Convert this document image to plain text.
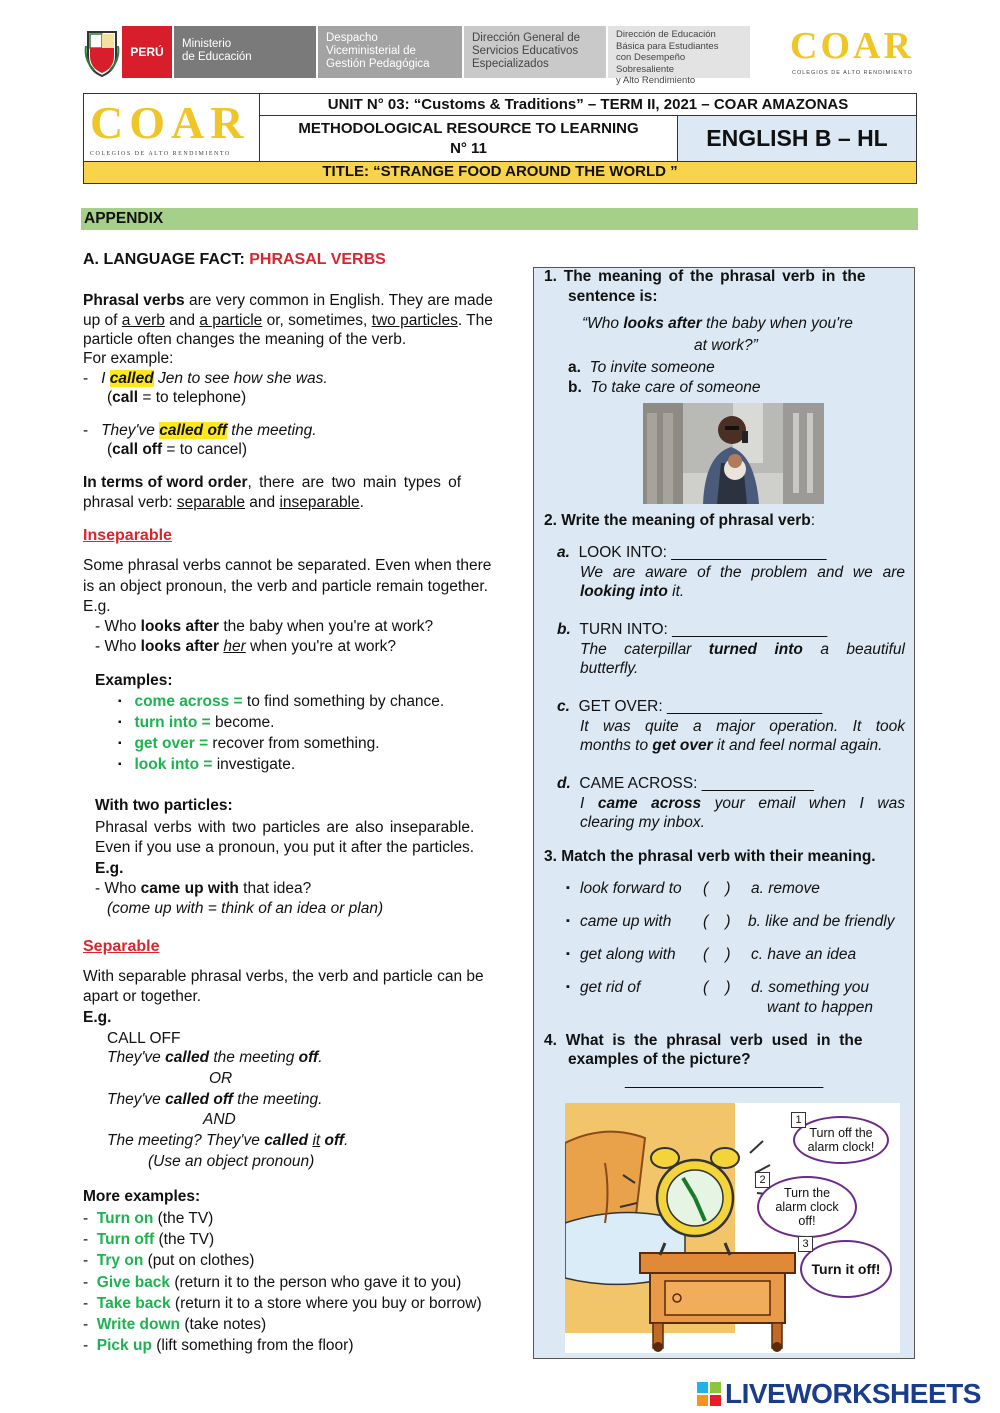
PERÚ
Ministerio
de Educación
Despacho
Viceministerial de
Gestión Pedagógica
Dirección General de
Servicios Educativos
Especializados
Dirección de Educación
Básica para Estudiantes
con Desempeño Sobresaliente
y Alto Rendimiento
COAR
COLEGIOS DE ALTO RENDIMIENTO
COAR
COLEGIOS DE ALTO RENDIMIENTO
UNIT N° 03: “Customs & Traditions” – TERM II, 2021 – COAR AMAZONAS
METHODOLOGICAL RESOURCE TO LEARNING
N° 11	ENGLISH B – HL
TITLE: “STRANGE FOOD AROUND THE WORLD ”
APPENDIX
A. LANGUAGE FACT: PHRASAL VERBS
Phrasal verbs are very common in English. They are made
up of a verb and a particle or, sometimes, two particles. The
particle often changes the meaning of the verb.
For example:
-   I called Jen to see how she was.
(call = to telephone)
-   They've called off the meeting.
(call off = to cancel)
In terms of word order, there are two main types of
phrasal verb: separable and inseparable.
Inseparable
Some phrasal verbs cannot be separated. Even when there
is an object pronoun, the verb and particle remain together.
E.g.
- Who looks after the baby when you're at work?
- Who looks after her when you're at work?
Examples:
▪ come across = to find something by chance.
▪ turn into = become.
▪ get over = recover from something.
▪ look into = investigate.
With two particles:
Phrasal verbs with two particles are also inseparable.
Even if you use a pronoun, you put it after the particles.
E.g.
- Who came up with that idea?
(come up with = think of an idea or plan)
Separable
With separable phrasal verbs, the verb and particle can be
apart or together.
E.g.
CALL OFF
They've called the meeting off.
OR
They've called off the meeting.
AND
The meeting? They've called it off.
(Use an object pronoun)
More examples:
-  Turn on (the TV)
-  Turn off (the TV)
-  Try on (put on clothes)
-  Give back (return it to the person who gave it to you)
-  Take back (return it to a store where you buy or borrow)
-  Write down (take notes)
-  Pick up (lift something from the floor)
1. The meaning of the phrasal verb in the
sentence is:
“Who looks after the baby when you're
at work?”
a. To invite someone
b. To take care of someone
2. Write the meaning of phrasal verb:
a. LOOK INTO: __________________
We are aware of the problem and we are
looking into it.
b. TURN INTO: __________________
The caterpillar turned into a beautiful
butterfly.
c. GET OVER: __________________
It was quite a major operation. It took
months to get over it and feel normal again.
d. CAME ACROSS: _____________
I came across your email when I was
clearing my inbox.
3. Match the phrasal verb with their meaning.
▪ look forward to (    ) a. remove
▪ came up with (    ) b. like and be friendly
▪ get along with (    ) c. have an idea
▪ get rid of	(    ) d. something you
want to happen
4. What is the phrasal verb used in the
examples of the picture?
_______________________
Turn off the
alarm clock!
1
Turn the
alarm clock
off!
2
Turn it off!
3
LIVEWORKSHEETS
